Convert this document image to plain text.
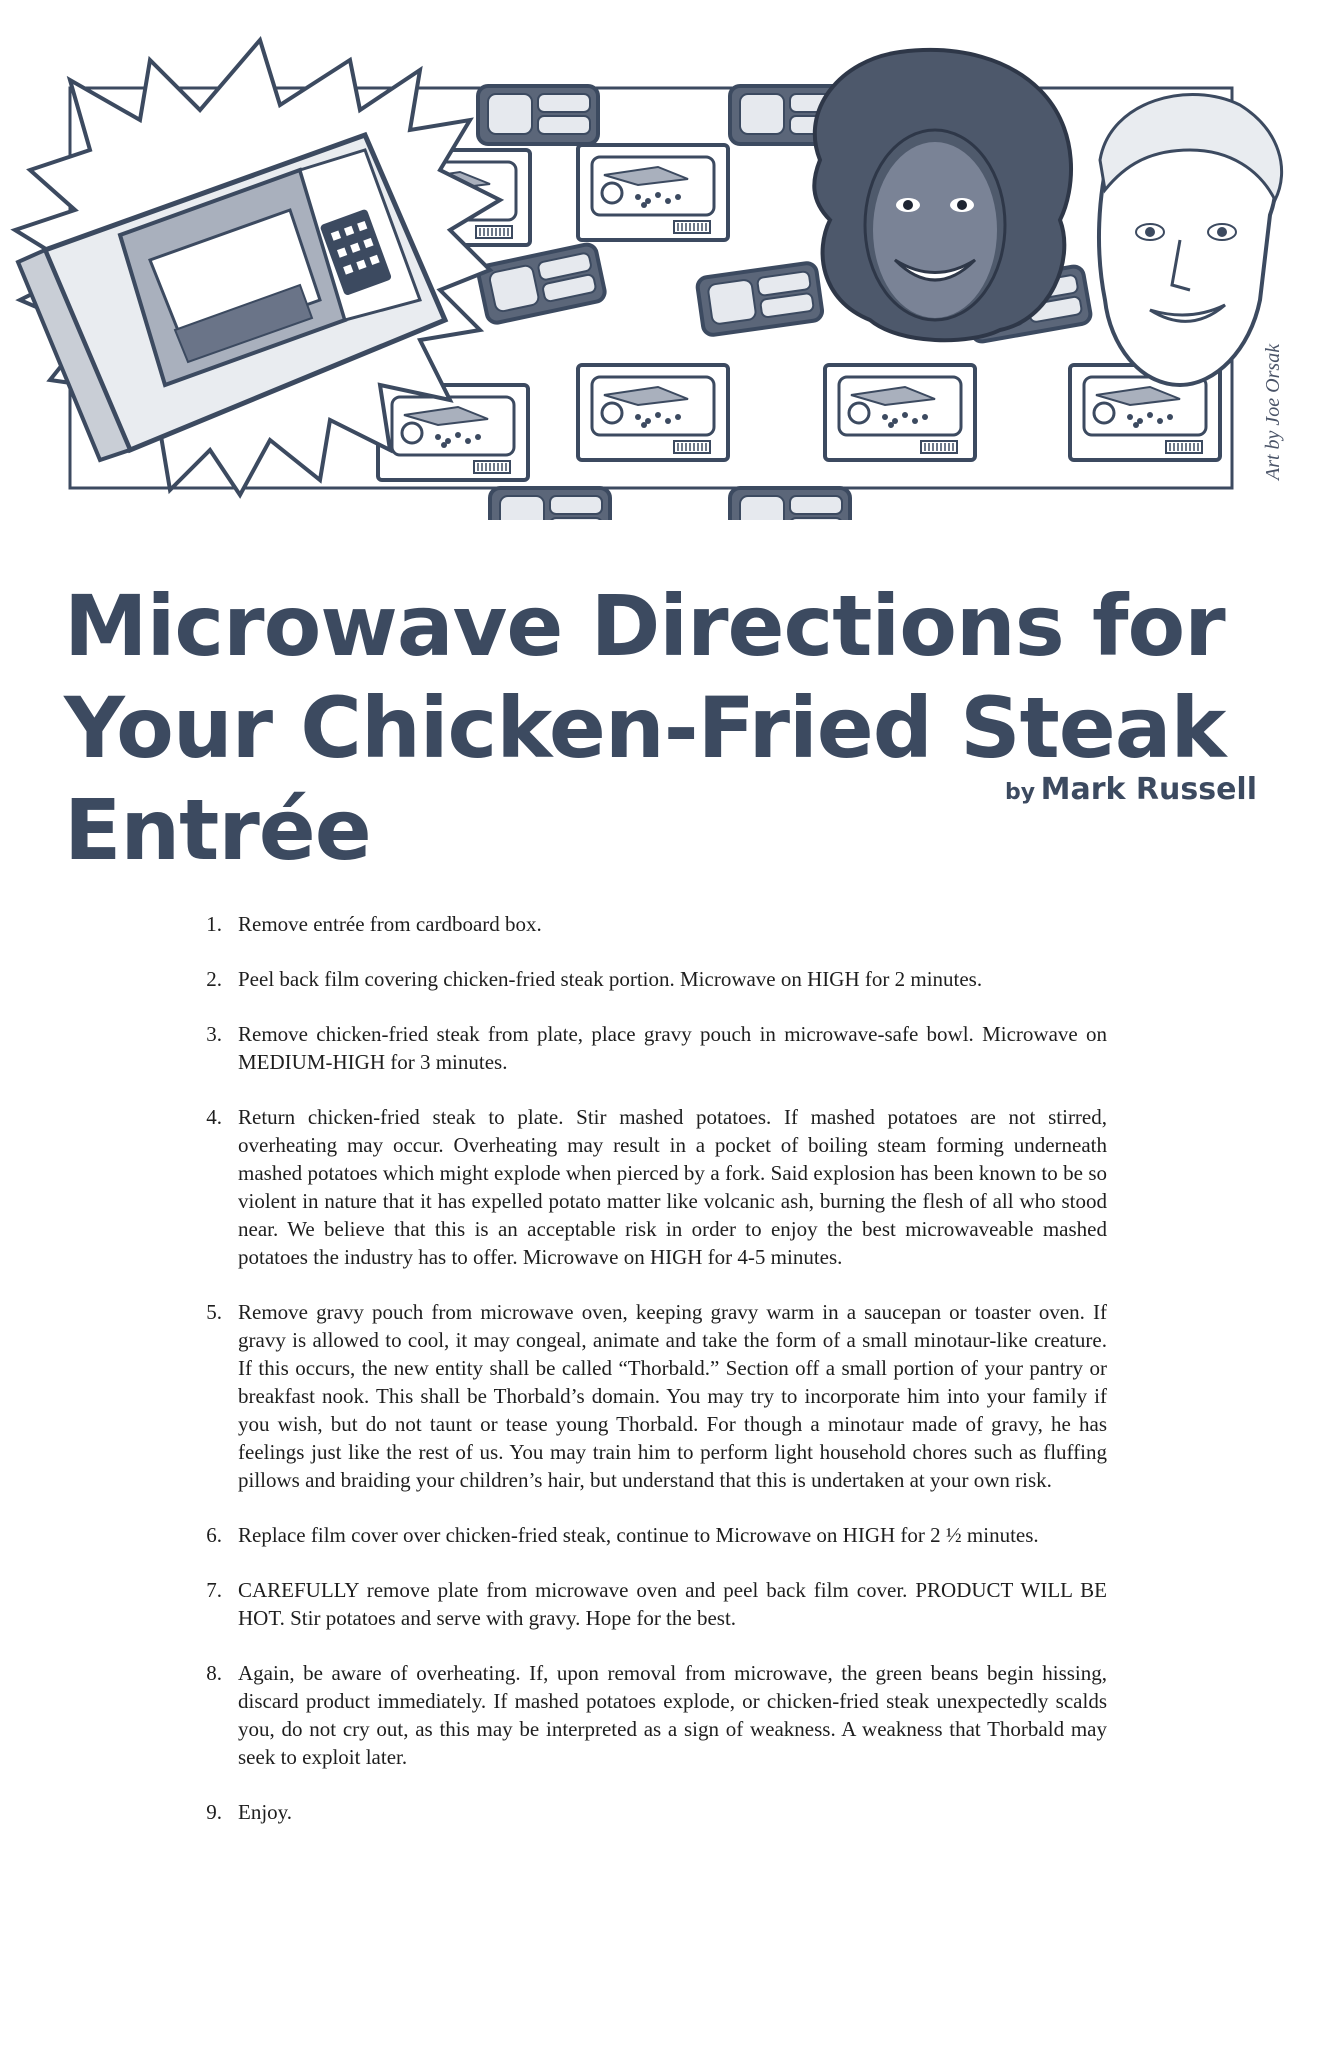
Art by Joe Orsak
Microwave Directions for Your Chicken-Fried Steak Entrée	by Mark Russell
1. Remove entrée from cardboard box.
2. Peel back film covering chicken-fried steak portion. Microwave on HIGH for 2 minutes.
3. Remove chicken-fried steak from plate, place gravy pouch in microwave-safe bowl. Microwave on MEDIUM-HIGH for 3 minutes.
4. Return chicken-fried steak to plate. Stir mashed potatoes. If mashed potatoes are not stirred, overheating may occur. Overheating may result in a pocket of boiling steam forming underneath mashed potatoes which might explode when pierced by a fork. Said explosion has been known to be so violent in nature that it has expelled potato matter like volcanic ash, burning the flesh of all who stood near. We believe that this is an acceptable risk in order to enjoy the best microwaveable mashed potatoes the industry has to offer. Microwave on HIGH for 4-5 minutes.
5. Remove gravy pouch from microwave oven, keeping gravy warm in a saucepan or toaster oven. If gravy is allowed to cool, it may congeal, animate and take the form of a small minotaur-like creature. If this occurs, the new entity shall be called “Thorbald.” Section off a small portion of your pantry or breakfast nook. This shall be Thorbald’s domain. You may try to incorporate him into your family if you wish, but do not taunt or tease young Thorbald. For though a minotaur made of gravy, he has feelings just like the rest of us. You may train him to perform light household chores such as fluffing pillows and braiding your children’s hair, but understand that this is undertaken at your own risk.
6. Replace film cover over chicken-fried steak, continue to Microwave on HIGH for 2 ½ minutes.
7. CAREFULLY remove plate from microwave oven and peel back film cover. PRODUCT WILL BE HOT. Stir potatoes and serve with gravy. Hope for the best.
8. Again, be aware of overheating. If, upon removal from microwave, the green beans begin hissing, discard product immediately. If mashed potatoes explode, or chicken-fried steak unexpectedly scalds you, do not cry out, as this may be interpreted as a sign of weakness. A weakness that Thorbald may seek to exploit later.
9. Enjoy.
